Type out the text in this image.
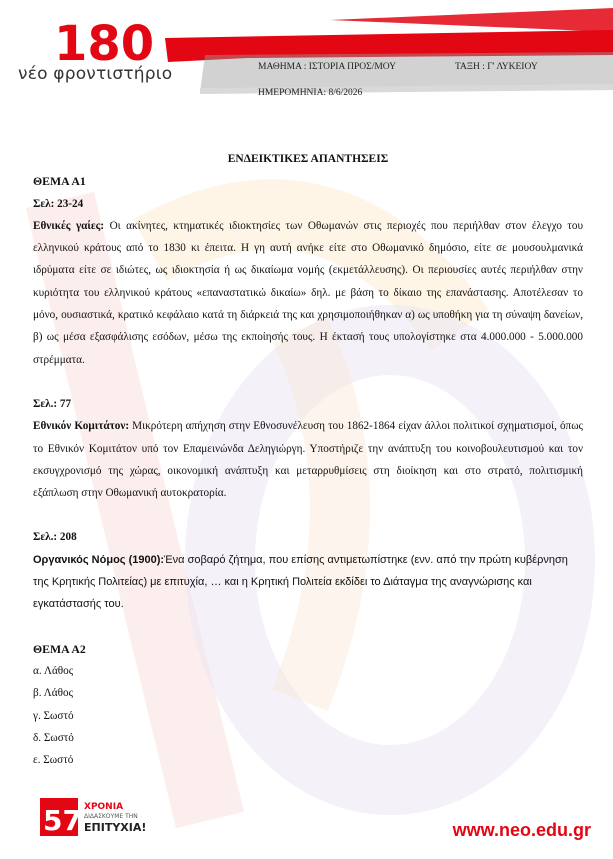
180
νέο φροντιστήριο	ΜΑΘΗΜΑ : ΙΣΤΟΡΙΑ ΠΡΟΣ/ΜΟΥ	ΤΑΞΗ : Γ' ΛΥΚΕΙΟΥ
ΗΜΕΡΟΜΗΝΙΑ: 8/6/2026
ΕΝΔΕΙΚΤΙΚΕΣ ΑΠΑΝΤΗΣΕΙΣ
ΘΕΜΑ Α1
Σελ: 23-24

Εθνικές γαίες: Οι ακίνητες, κτηματικές ιδιοκτησίες των Οθωμανών στις περιοχές που περιήλθαν στον έλεγχο του ελληνικού κράτους από το 1830 κι έπειτα. Η γη αυτή ανήκε είτε στο Οθωμανικό δημόσιο, είτε σε μουσουλμανικά ιδρύματα είτε σε ιδιώτες, ως ιδιοκτησία ή ως δικαίωμα νομής (εκμετάλλευσης). Οι περιουσίες αυτές περιήλθαν στην κυριότητα του ελληνικού κράτους «επαναστατικώ δικαίω» δηλ. με βάση το δίκαιο της επανάστασης. Αποτέλεσαν το μόνο, ουσιαστικά, κρατικό κεφάλαιο κατά τη διάρκειά της και χρησιμοποιήθηκαν α) ως υποθήκη για τη σύναψη δανείων, β) ως μέσα εξασφάλισης εσόδων, μέσω της εκποίησής τους. Η έκτασή τους υπολογίστηκε στα 4.000.000 - 5.000.000 στρέμματα.

Σελ.: 77

Εθνικόν Κομιτάτον: Μικρότερη απήχηση στην Εθνοσυνέλευση του 1862-1864 είχαν άλλοι πολιτικοί σχηματισμοί, όπως το Εθνικόν Κομιτάτον υπό τον Επαμεινώνδα Δεληγιώργη. Υποστήριζε την ανάπτυξη του κοινοβουλευτισμού και τον εκσυγχρονισμό της χώρας, οικονομική ανάπτυξη και μεταρρυθμίσεις στη διοίκηση και στο στρατό, πολιτισμική εξάπλωση στην Οθωμανική αυτοκρατορία.

Σελ.: 208

Οργανικός Νόμος (1900):Ένα σοβαρό ζήτημα, που επίσης αντιμετωπίστηκε (ενν. από την πρώτη κυβέρνηση της Κρητικής Πολιτείας) με επιτυχία, … και η Κρητική Πολιτεία εκδίδει το Διάταγμα της αναγνώρισης και εγκατάστασής του.

ΘΕΜΑ Α2
α. Λάθος
β. Λάθος
γ. Σωστό
δ. Σωστό
ε. Σωστό
57 ΧΡΟΝΙΑ
ΔΙΔΑΣΚΟΥΜΕ ΤΗΝ
ΕΠΙΤΥΧΙΑ!	www.neo.edu.gr
